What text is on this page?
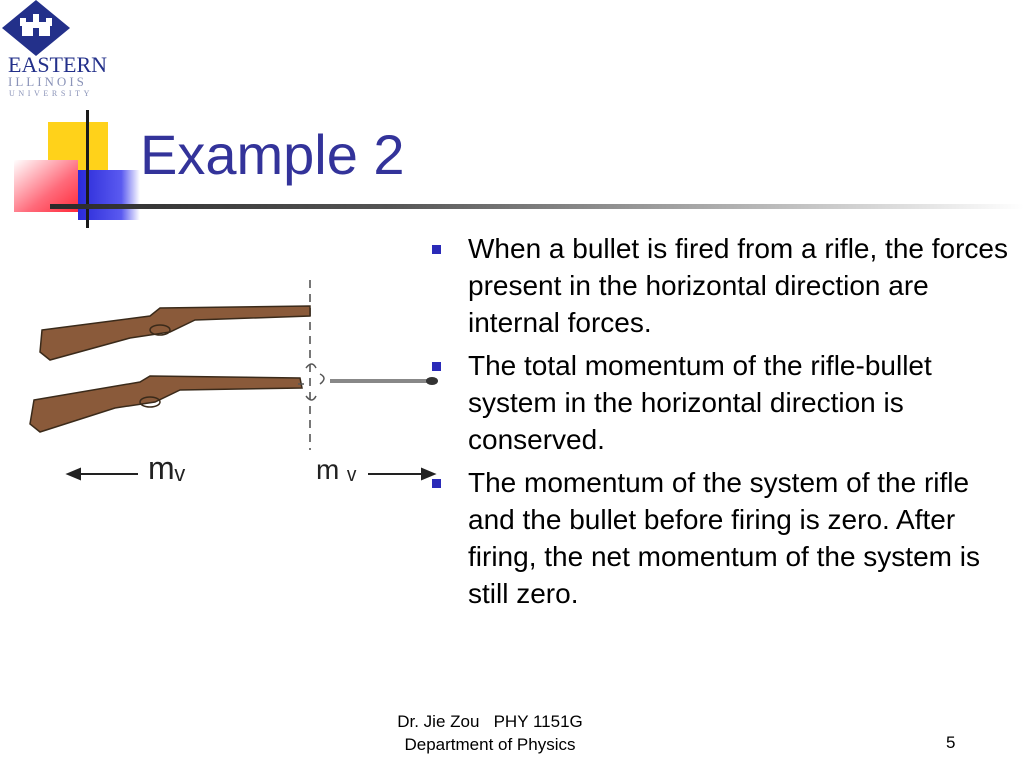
EASTERN
ILLINOIS
UNIVERSITY
Example 2
mᵥ	m ᵥ
When a bullet is fired from a rifle, the forces present in the horizontal direction are internal forces.
The total momentum of the rifle-bullet system in the horizontal direction is conserved.
The momentum of the system of the rifle and the bullet before firing is zero. After firing, the net momentum of the system is still zero.
Dr. Jie Zou   PHY 1151G
Department of Physics	5
